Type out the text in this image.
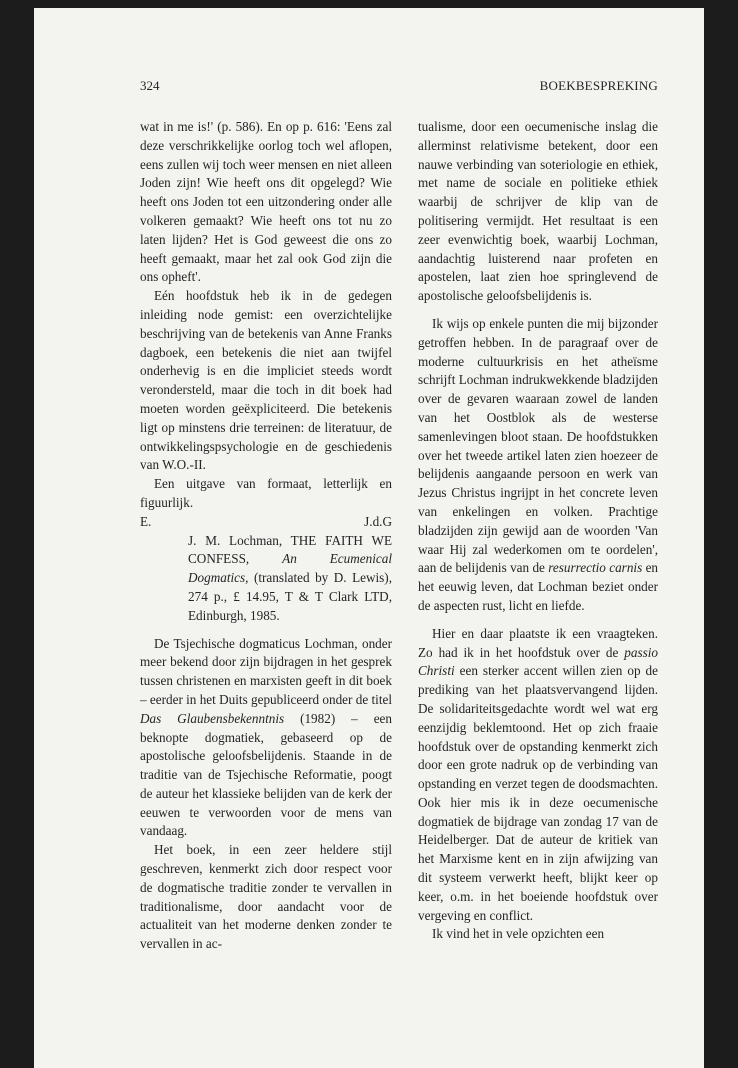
324	BOEKBESPREKING

wat in me is!' (p. 586). En op p. 616: 'Eens zal deze verschrikkelijke oorlog toch wel aflopen, eens zullen wij toch weer mensen en niet alleen Joden zijn! Wie heeft ons dit opgelegd? Wie heeft ons Joden tot een uitzondering onder alle volkeren gemaakt? Wie heeft ons tot nu zo laten lijden? Het is God geweest die ons zo heeft gemaakt, maar het zal ook God zijn die ons opheft'.

Eén hoofdstuk heb ik in de gedegen inleiding node gemist: een overzichtelijke beschrijving van de betekenis van Anne Franks dagboek, een betekenis die niet aan twijfel onderhevig is en die impliciet steeds wordt verondersteld, maar die toch in dit boek had moeten worden geëxpliciteerd. Die betekenis ligt op minstens drie terreinen: de literatuur, de ontwikkelingspsychologie en de geschiedenis van W.O.-II.

Een uitgave van formaat, letterlijk en figuurlijk.

E.	J.d.G

J. M. Lochman, THE FAITH WE CONFESS, An Ecumenical Dogmatics, (translated by D. Lewis), 274 p., £ 14.95, T & T Clark LTD, Edinburgh, 1985.

De Tsjechische dogmaticus Lochman, onder meer bekend door zijn bijdragen in het gesprek tussen christenen en marxisten geeft in dit boek – eerder in het Duits gepubliceerd onder de titel Das Glaubensbekenntnis (1982) – een beknopte dogmatiek, gebaseerd op de apostolische geloofsbelijdenis. Staande in de traditie van de Tsjechische Reformatie, poogt de auteur het klassieke belijden van de kerk der eeuwen te verwoorden voor de mens van vandaag.

Het boek, in een zeer heldere stijl geschreven, kenmerkt zich door respect voor de dogmatische traditie zonder te vervallen in traditionalisme, door aandacht voor de actualiteit van het moderne denken zonder te vervallen in ac-

tualisme, door een oecumenische inslag die allerminst relativisme betekent, door een nauwe verbinding van soteriologie en ethiek, met name de sociale en politieke ethiek waarbij de schrijver de klip van de politisering vermijdt. Het resultaat is een zeer evenwichtig boek, waarbij Lochman, aandachtig luisterend naar profeten en apostelen, laat zien hoe springlevend de apostolische geloofsbelijdenis is.

Ik wijs op enkele punten die mij bijzonder getroffen hebben. In de paragraaf over de moderne cultuurkrisis en het atheïsme schrijft Lochman indrukwekkende bladzijden over de gevaren waaraan zowel de landen van het Oostblok als de westerse samenlevingen bloot staan. De hoofdstukken over het tweede artikel laten zien hoezeer de belijdenis aangaande persoon en werk van Jezus Christus ingrijpt in het concrete leven van enkelingen en volken. Prachtige bladzijden zijn gewijd aan de woorden 'Van waar Hij zal wederkomen om te oordelen', aan de belijdenis van de resurrectio carnis en het eeuwig leven, dat Lochman beziet onder de aspecten rust, licht en liefde.

Hier en daar plaatste ik een vraagteken. Zo had ik in het hoofdstuk over de passio Christi een sterker accent willen zien op de prediking van het plaatsvervangend lijden. De solidariteitsgedachte wordt wel wat erg eenzijdig beklemtoond. Het op zich fraaie hoofdstuk over de opstanding kenmerkt zich door een grote nadruk op de verbinding van opstanding en verzet tegen de doodsmachten. Ook hier mis ik in deze oecumenische dogmatiek de bijdrage van zondag 17 van de Heidelberger. Dat de auteur de kritiek van het Marxisme kent en in zijn afwijzing van dit systeem verwerkt heeft, blijkt keer op keer, o.m. in het boeiende hoofdstuk over vergeving en conflict.

Ik vind het in vele opzichten een
